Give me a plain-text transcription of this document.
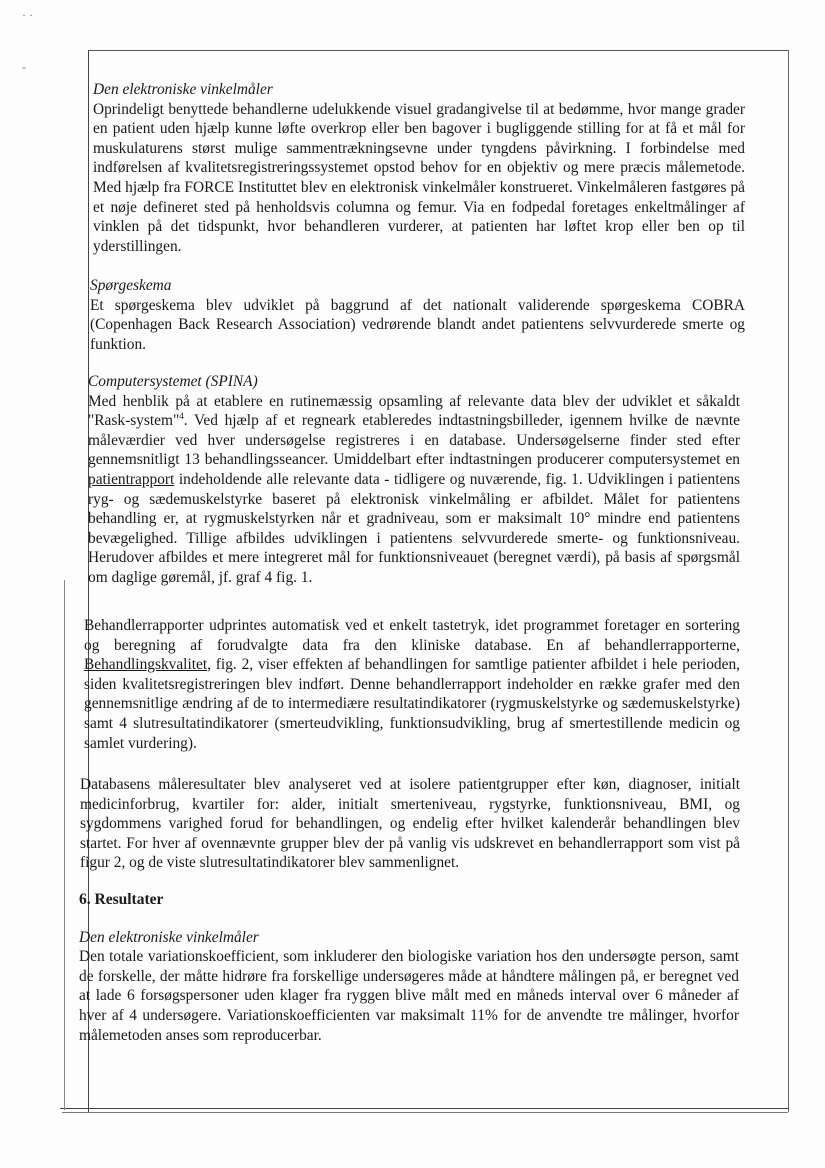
-
· ·

Den elektroniske vinkelmåler

Oprindeligt benyttede behandlerne udelukkende visuel gradangivelse til at bedømme, hvor mange grader en patient uden hjælp kunne løfte overkrop eller ben bagover i bugliggende stilling for at få et mål for muskulaturens størst mulige sammentrækningsevne under tyngdens påvirkning. I forbindelse med indførelsen af kvalitetsregistreringssystemet opstod behov for en objektiv og mere præcis målemetode. Med hjælp fra FORCE Instituttet blev en elektronisk vinkelmåler konstrueret. Vinkelmåleren fastgøres på et nøje defineret sted på henholdsvis columna og femur. Via en fodpedal foretages enkeltmålinger af vinklen på det tidspunkt, hvor behandleren vurderer, at patienten har løftet krop eller ben op til yderstillingen.

Spørgeskema

Et spørgeskema blev udviklet på baggrund af det nationalt validerende spørgeskema COBRA (Copenhagen Back Research Association) vedrørende blandt andet patientens selvvurderede smerte og funktion.

Computersystemet (SPINA)

Med henblik på at etablere en rutinemæssig opsamling af relevante data blev der udviklet et såkaldt "Rask-system"$^4$. Ved hjælp af et regneark etableredes indtastningsbilleder, igennem hvilke de nævnte måleværdier ved hver undersøgelse registreres i en database. Undersøgelserne finder sted efter gennemsnitligt 13 behandlingsseancer. Umiddelbart efter indtastningen producerer computersystemet en patientrapport indeholdende alle relevante data - tidligere og nuværende, fig. 1. Udviklingen i patientens ryg- og sædemuskelstyrke baseret på elektronisk vinkelmåling er afbildet. Målet for patientens behandling er, at rygmuskelstyrken når et gradniveau, som er maksimalt 10° mindre end patientens bevægelighed. Tillige afbildes udviklingen i patientens selvvurderede smerte- og funktionsniveau. Herudover afbildes et mere integreret mål for funktionsniveauet (beregnet værdi), på basis af spørgsmål om daglige gøremål, jf. graf 4 fig. 1.

Behandlerrapporter udprintes automatisk ved et enkelt tastetryk, idet programmet foretager en sortering og beregning af forudvalgte data fra den kliniske database. En af behandlerrapporterne, Behandlingskvalitet, fig. 2, viser effekten af behandlingen for samtlige patienter afbildet i hele perioden, siden kvalitetsregistreringen blev indført. Denne behandlerrapport indeholder en række grafer med den gennemsnitlige ændring af de to intermediære resultatindikatorer (rygmuskelstyrke og sædemuskelstyrke) samt 4 slutresultatindikatorer (smerteudvikling, funktionsudvikling, brug af smertestillende medicin og samlet vurdering).

Databasens måleresultater blev analyseret ved at isolere patientgrupper efter køn, diagnoser, initialt medicinforbrug, kvartiler for: alder, initialt smerteniveau, rygstyrke, funktionsniveau, BMI, og sygdommens varighed forud for behandlingen, og endelig efter hvilket kalenderår behandlingen blev startet. For hver af ovennævnte grupper blev der på vanlig vis udskrevet en behandlerrapport som vist på figur 2, og de viste slutresultatindikatorer blev sammenlignet.

6. Resultater

Den elektroniske vinkelmåler

Den totale variationskoefficient, som inkluderer den biologiske variation hos den undersøgte person, samt de forskelle, der måtte hidrøre fra forskellige undersøgeres måde at håndtere målingen på, er beregnet ved at lade 6 forsøgspersoner uden klager fra ryggen blive målt med en måneds interval over 6 måneder af hver af 4 undersøgere. Variationskoefficienten var maksimalt 11% for de anvendte tre målinger, hvorfor målemetoden anses som reproducerbar.
